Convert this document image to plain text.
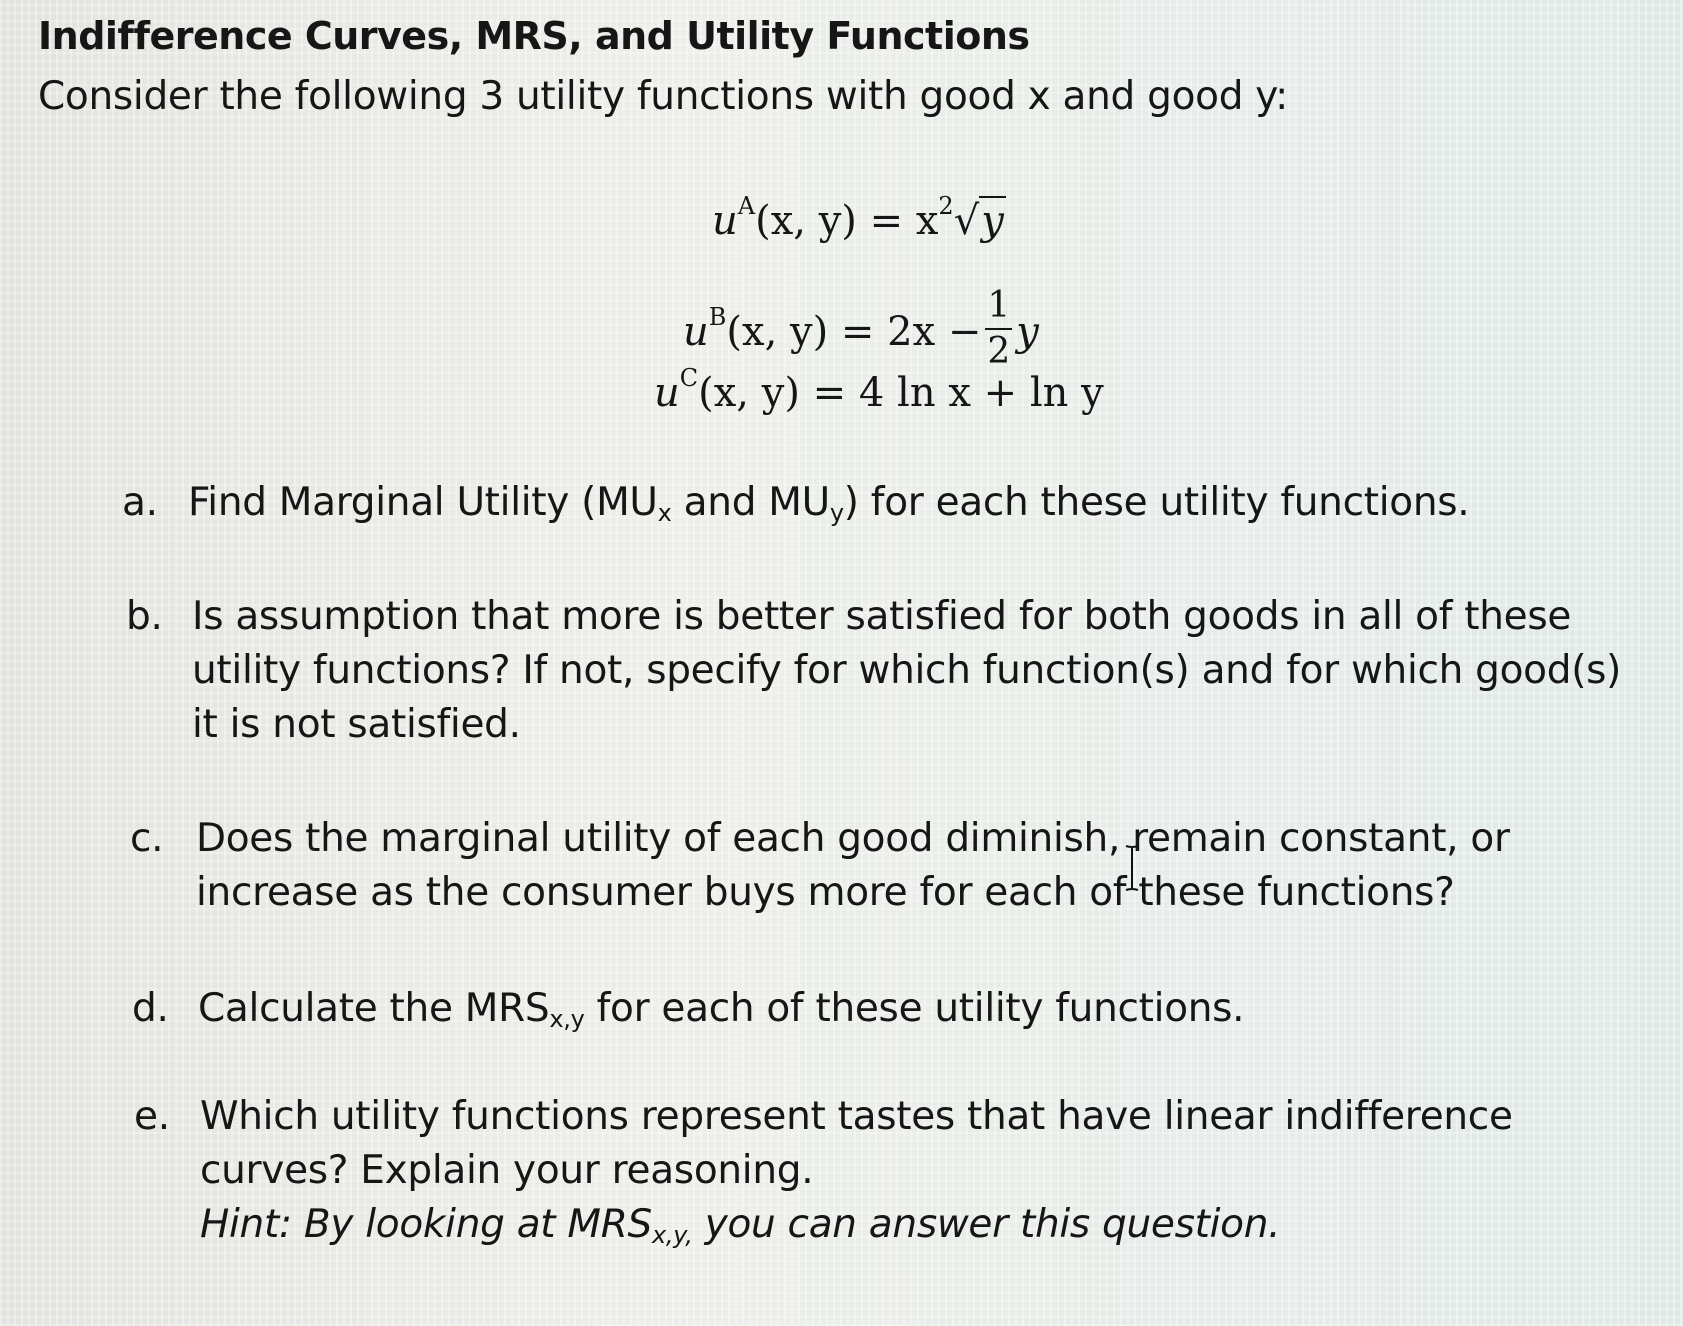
Indifference Curves, MRS, and Utility Functions
Consider the following 3 utility functions with good x and good y:
$u^A(x$, $y) = x^2√y$
$u^B(x$, $y) = 2x - \frac{1}{2}$ y
$u^C(x$, y) = 4 ln x + ln y
a. Find Marginal Utility ($MU_x$ and $MU_y$) for each these utility functions.
b. Is assumption that more is better satisfied for both goods in all of these utility functions? If not, specify for which function(s) and for which good(s) it is not satisfied.
c. Does the marginal utility of each good diminish, remain constant, or increase as the consumer buys more for each of these functions?
d. Calculate the $MRS_{x,y}$ for each of these utility functions.
e. Which utility functions represent tastes that have linear indifference curves? Explain your reasoning.
Hint: By looking at $MRS_{x,y,}$ you can answer this question.
